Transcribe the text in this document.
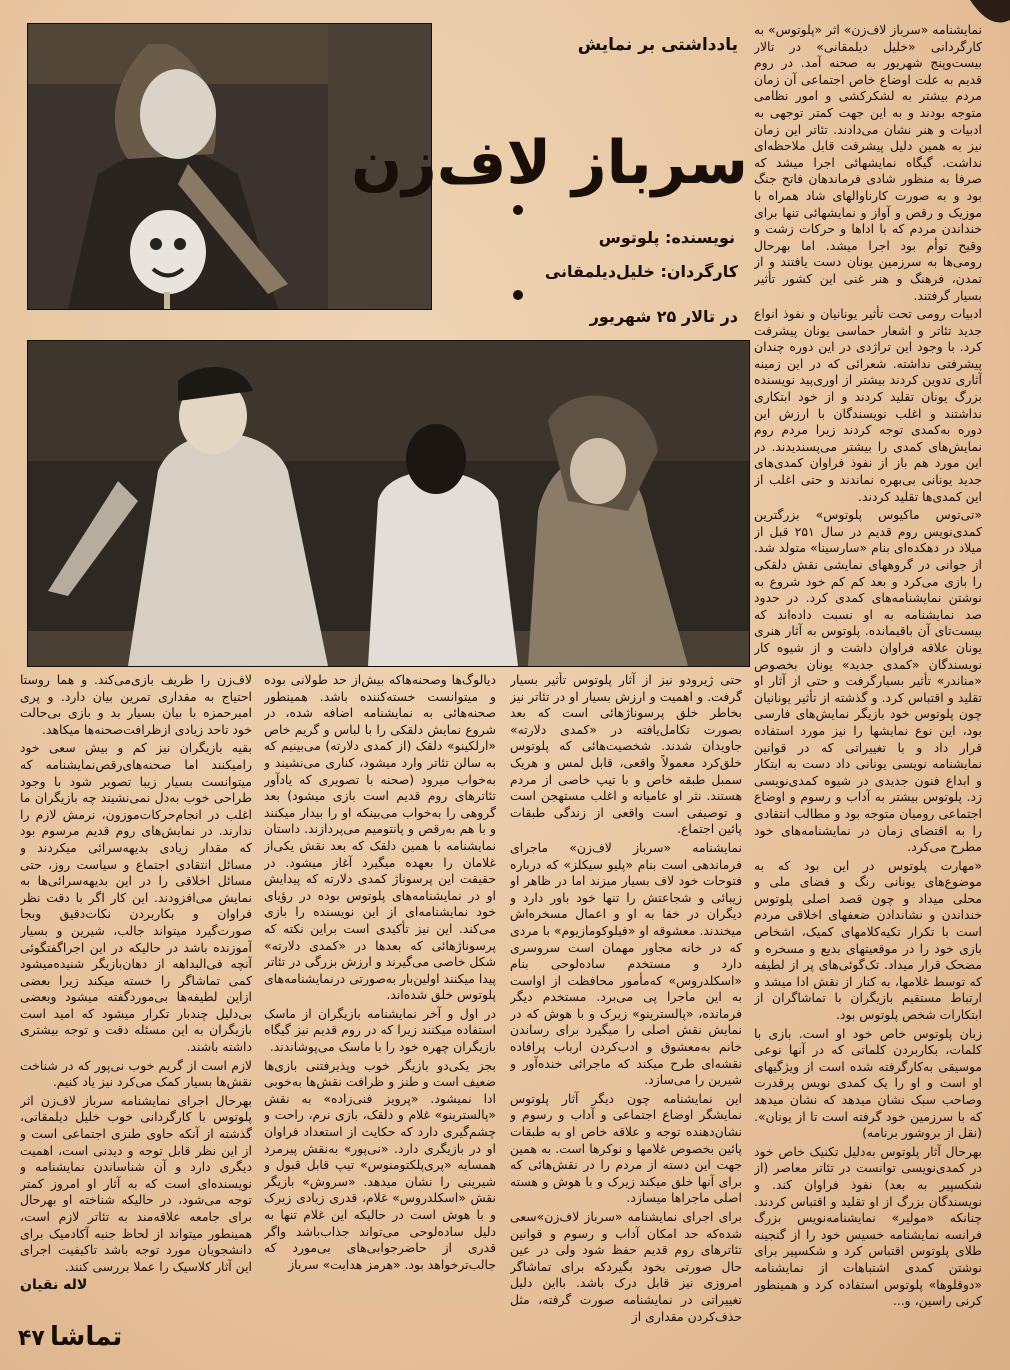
یادداشتی بر نمایش
سرباز لاف‌زن
نویسنده: پلوتوس
کارگردان: خلیل‌دیلمقانی
در تالار ۲۵ شهریور

نمایشنامه «سرباز لاف‌زن» اثر «پلوتوس» به کارگردانی «خلیل دیلمقانی» در تالار بیست‌وپنج شهریور به صحنه آمد. در روم قدیم به علت اوضاع خاص اجتماعی آن زمان مردم بیشتر به لشکرکشی و امور نظامی متوجه بودند و به این جهت کمتر توجهی به ادبیات و هنر نشان می‌دادند. تئاتر این زمان نیز به همین دلیل پیشرفت قابل ملاحظه‌ای نداشت. گیگاه نمایشهائی اجرا میشد که صرفا به منظور شادی فرماندهان فاتح جنگ بود و به صورت کارناوالهای شاد همراه با موزیک و رقص و آواز و نمایشهائی تنها برای خنداندن مردم که با اداها و حرکات زشت و وقیح توأم بود اجرا میشد. اما بهرحال رومی‌ها به سرزمین یونان دست یافتند و از تمدن، فرهنگ و هنر غنی این کشور تأثیر بسیار گرفتند.

ادبیات رومی تحت تأثیر یونانیان و نفوذ انواع جدید تئاتر و اشعار حماسی یونان پیشرفت کرد. با وجود این تراژدی در این دوره چندان پیشرفتی نداشته. شعرائی که در این زمینه آثاری تدوین کردند بیشتر از اوری‌پید نویسنده بزرگ یونان تقلید کردند و از خود ابتکاری نداشتند و اغلب نویسندگان با ارزش این دوره به‌کمدی توجه کردند زیرا مردم روم نمایش‌های کمدی را بیشتر می‌پسندیدند. در این مورد هم باز از نفوذ فراوان کمدی‌های جدید یونانی بی‌بهره نماندند و حتی اغلب از این کمدی‌ها تقلید کردند.

«تی‌توس ماکیوس پلوتوس» بزرگترین کمدی‌نویس روم قدیم در سال ۲۵۱ قبل از میلاد در دهکده‌ای بنام «سارسینا» متولد شد. از جوانی در گروههای نمایشی نقش دلقکی را بازی می‌کرد و بعد کم کم خود شروع به نوشتن نمایشنامه‌های کمدی کرد. در حدود صد نمایشنامه به او نسبت داده‌اند که بیست‌تای آن باقیمانده. پلوتوس به آثار هنری یونان علاقه فراوان داشت و از شیوه کار نویسندگان «کمدی جدید» یونان بخصوص «مناندر» تأثیر بسیارگرفت و حتی از آثار او تقلید و اقتباس کرد. و گذشته از تأثیر یونانیان چون پلوتوس خود بازیگر نمایش‌های فارسی بود، این نوع نمایشها را نیز مورد استفاده قرار داد و با تغییراتی که در قوانین نمایشنامه نویسی یونانی داد دست به ابتکار و ابداع فنون جدیدی در شیوه کمدی‌نویسی زد. پلوتوس بیشتر به آداب و رسوم و اوضاع اجتماعی رومیان متوجه بود و مطالب انتقادی را به اقتضای زمان در نمایشنامه‌های خود مطرح می‌کرد.

«مهارت پلوتوس در این بود که به موضوع‌های یونانی رنگ و فضای ملی و محلی میداد و چون قصد اصلی پلوتوس خنداندن و نشاندادن ضعفهای اخلاقی مردم است با تکرار تکیه‌کلامهای کمیک، اشخاص بازی خود را در موقعیتهای بدیع و مسخره و مضحک قرار میداد. تک‌گوئی‌های پر از لطیفه که توسط غلامها، به کنار از نقش ادا میشد و ارتباط مستقیم بازیگران با تماشاگران از ابتکارات شخص پلوتوس بود.

زبان پلوتوس خاص خود او است. بازی با کلمات، بکاربردن کلماتی که در آنها نوعی موسیقی به‌کارگرفته شده است از ویژگیهای او است و او را یک کمدی نویس پرقدرت وصاحب سبک نشان میدهد که نشان میدهد که با سرزمین خود گرفته است تا از یونان». (نقل از بروشور برنامه)

بهرحال آثار پلوتوس به‌دلیل تکنیک خاص خود در کمدی‌نویسی توانست در تئاتر معاصر (از شکسپیر به بعد) نفوذ فراوان کند. و نویسندگان بزرگ از او تقلید و اقتباس کردند. چنانکه «مولیر» نمایشنامه‌نویس بزرگ فرانسه نمایشنامه خسیس خود را از گنجینه طلای پلوتوس اقتباس کرد و شکسپیر برای نوشتن کمدی اشتباهات از نمایشنامه «دوقلوها» پلوتوس استفاده کرد و همینطور کرنی راسین، و...

حتی ژیرودو نیز از آثار پلوتوس تأثیر بسیار گرفت. و اهمیت و ارزش بسیار او در تئاتر نیز بخاطر خلق پرسوناژهائی است که بعد بصورت تکامل‌یافته در «کمدی دلارته» جاویدان شدند. شخصیت‌هائی که پلوتوس خلق‌کرد معمولاً واقعی، قابل لمس و هریک سمبل طبقه خاص و با تیپ خاصی از مردم هستند. نثر او عامیانه و اغلب مستهجن است و توصیفی است واقعی از زندگی طبقات پائین اجتماع.

نمایشنامه «سرباز لاف‌زن» ماجرای فرماندهی است بنام «پلیو سیکلز» که درباره فتوحات خود لاف بسیار میزند اما در ظاهر او زیبائی و شجاعتش را تنها خود باور دارد و دیگران در خفا به او و اعمال مسخره‌اش میخندند. معشوقه او «فیلوکومازیوم» با مردی که در خانه مجاور مهمان است سروسری دارد و مستخدم ساده‌لوحی بنام «اسکلدروس» که‌مأمور محافظت از اواست به این ماجرا پی می‌برد. مستخدم دیگر فرمانده، «پالسترینو» زیرک و با هوش که در نمایش نقش اصلی را میگیرد برای رساندن خانم به‌معشوق و ادب‌کردن ارباب پرافاده نقشه‌ای طرح میکند که ماجرائی خنده‌آور و شیرین را می‌سازد.

این نمایشنامه چون دیگر آثار پلوتوس نمایشگر اوضاع اجتماعی و آداب و رسوم و نشان‌دهنده توجه و علاقه خاص او به طبقات پائین بخصوص غلامها و نوکرها است. به همین جهت این دسته از مردم را در نقش‌هائی که برای آنها خلق میکند زیرک و با هوش و هسته اصلی ماجراها میسازد.

برای اجرای نمایشنامه «سرباز لاف‌زن»سعی شده‌که حد امکان آداب و رسوم و قوانین تئاترهای روم قدیم حفظ شود ولی در عین حال صورتی بخود بگیرد‌که برای تماشاگر امروزی نیز قابل درک باشد. بااین دلیل تغییراتی در نمایشنامه صورت گرفته، مثل حذف‌کردن مقداری از

دیالوگ‌ها وصحنه‌هاکه بیش‌از حد طولانی بوده و میتوانست خسته‌کننده باشد. همینطور صحنه‌هائی به نمایشنامه اضافه شده، در شروع نمایش دلقکی را با لباس و گریم خاص «ارلکینو» دلقک (از کمدی دلارته) می‌بینیم که به سالن تئاتر وارد میشود، کناری می‌نشیند و به‌خواب میرود (صحنه با تصویری که یادآور تئاترهای روم قدیم است بازی میشود) بعد گروهی را به‌خواب می‌بینکه او را بیدار میکنند و با هم به‌رقص و پانتومیم می‌پردازند. داستان نمایشنامه با همین دلقک که بعد نقش یکی‌از غلامان را بعهده میگیرد آغاز میشود. در حقیقت این پرسوناژ کمدی دلارته که پیدایش او در نمایشنامه‌های پلوتوس بوده در رؤیای خود نمایشنامه‌ای از این نویسنده را بازی می‌کند. این نیز تأکیدی است براین نکته که پرسوناژهائی که بعدها در «کمدی دلارته» شکل خاصی می‌گیرند و ارزش بزرگی در تئاتر پیدا میکنند اولین‌بار به‌صورتی درنمایشنامه‌های پلوتوس خلق شده‌اند.

در اول و آخر نمایشنامه بازیگران از ماسک استفاده میکنند زیرا که در روم قدیم نیز گیگاه بازیگران چهره خود را با ماسک می‌پوشاندند.

بجز یکی‌دو بازیگر خوب وپذیرفتنی بازی‌ها ضعیف است و طنز و ظرافت نقش‌ها به‌خوبی ادا نمیشود. «پرویز فنی‌زاده» به نقش «پالسترینو» غلام و دلقک، بازی نرم، راحت و چشم‌گیری دارد که حکایت از استعداد فراوان او در بازیگری دارد. «نی‌پور» به‌نقش پیرمرد همسایه «پری‌پلکتومنوس» تیپ قابل قبول و شیرینی را نشان میدهد. «سروش» بازیگر نقش «اسکلدروس» غلام، قدری زیادی زیرک و با هوش است در حالیکه این غلام تنها به دلیل ساده‌لوحی می‌تواند جذاب‌باشد واگر قدری از حاضرجوابی‌های بی‌مورد که جالب‌ترخواهد بود. «هرمز هدایت» سرباز

لاف‌زن را ظریف بازی‌می‌کند. و هما روستا احتیاج به مقداری تمرین بیان دارد. و پری امیرحمزه با بیان بسیار بد و بازی بی‌حالت خود تاحد زیادی ازظرافت‌صحنه‌ها میکاهد.

بقیه بازیگران نیز کم و بیش سعی خود رامیکنند اما صحنه‌های‌رقص‌نمایشنامه که میتوانست بسیار زیبا تصویر شود با وجود طراحی خوب به‌دل نمی‌نشیند چه بازیگران ما اغلب در انجام‌حرکات‌موزون، نرمش لازم را ندارند. در نمایش‌های روم قدیم مرسوم بود که مقدار زیادی بدیهه‌سرائی میکردند و مسائل انتقادی اجتماع و سیاست روز، حتی مسائل اخلاقی را در این بدیهه‌سرائی‌ها به نمایش می‌افزودند. این کار اگر با دقت نظر فراوان و بکاربردن نکات‌دقیق وبجا صورت‌گیرد میتواند جالب، شیرین و بسیار آموزنده باشد در حالیکه در این اجراگفتگوئی آنچه فی‌البداهه از دهان‌بازیگر شنیده‌میشود کمی تماشاگر را خسته میکند زیرا بعضی ازاین لطیفه‌ها بی‌موردگفته میشود وبعضی بی‌دلیل چندبار تکرار میشود که امید است بازیگران به این مسئله دقت و توجه بیشتری داشته باشند.

لازم است از گریم خوب نی‌پور که در شناخت نقش‌ها بسیار کمک می‌کرد نیز یاد کنیم.

بهرحال اجرای نمایشنامه سرباز لاف‌زن اثر پلوتوس با کارگردانی خوب خلیل دیلمقانی، گذشته از آنکه حاوی طنزی اجتماعی است و از این نظر قابل توجه و دیدنی است، اهمیت دیگری دارد و آن شناساندن نمایشنامه و نویسنده‌ای است که به آثار او امروز کمتر توجه می‌شود، در حالیکه شناخته او بهرحال برای جامعه علاقه‌مند به تئاتر لازم است، همینطور میتواند از لحاظ جنبه آکادمیک برای دانشجویان مورد توجه باشد تاکیفیت اجرای این آثار کلاسیک را عملا بررسی کنند.

لاله نقیان

۴۷ تماشا
